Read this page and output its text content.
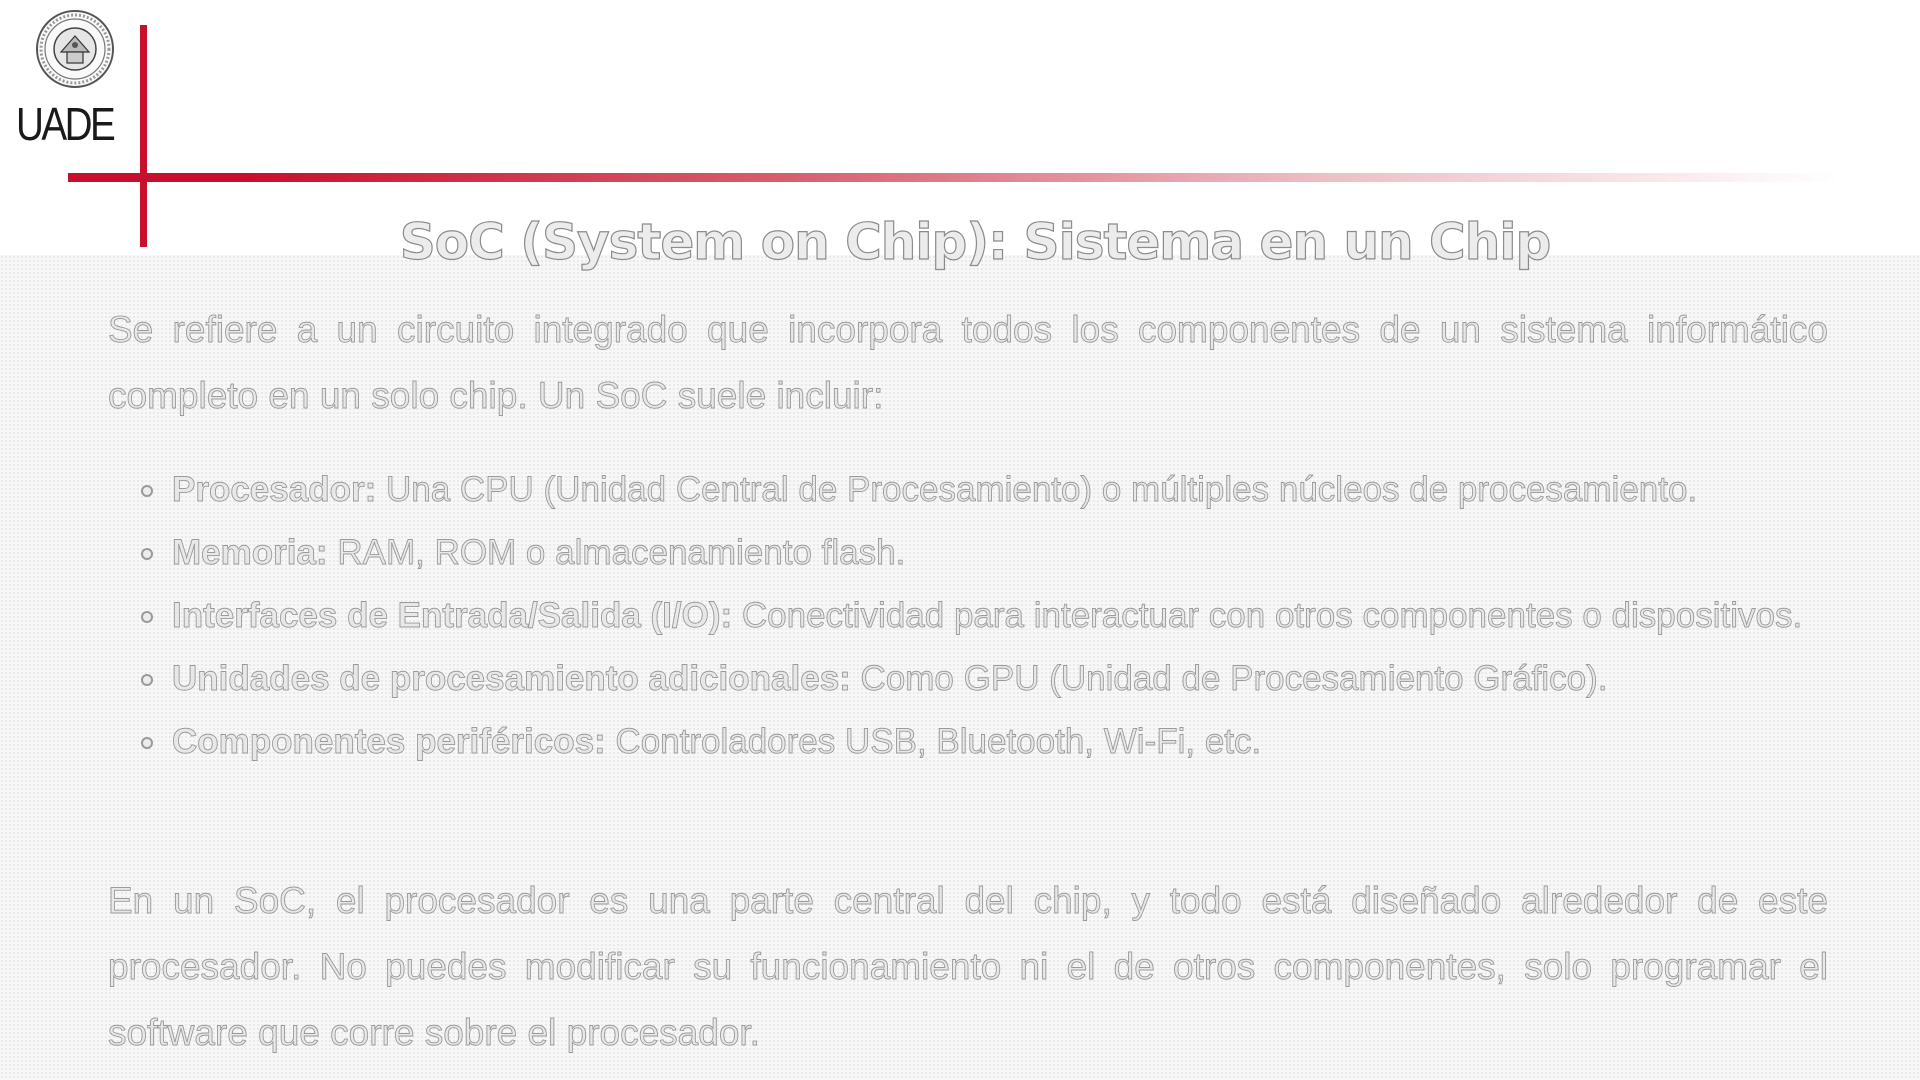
UADE
SoC (System on Chip): Sistema en un Chip

Se refiere a un circuito integrado que incorpora todos los componentes de un sistema informático completo en un solo chip. Un SoC suele incluir:

Procesador: Una CPU (Unidad Central de Procesamiento) o múltiples núcleos de procesamiento.
Memoria: RAM, ROM o almacenamiento flash.
Interfaces de Entrada/Salida (I/O): Conectividad para interactuar con otros componentes o dispositivos.
Unidades de procesamiento adicionales: Como GPU (Unidad de Procesamiento Gráfico).
Componentes periféricos: Controladores USB, Bluetooth, Wi-Fi, etc.

En un SoC, el procesador es una parte central del chip, y todo está diseñado alrededor de este procesador. No puedes modificar su funcionamiento ni el de otros componentes, solo programar el software que corre sobre el procesador.
